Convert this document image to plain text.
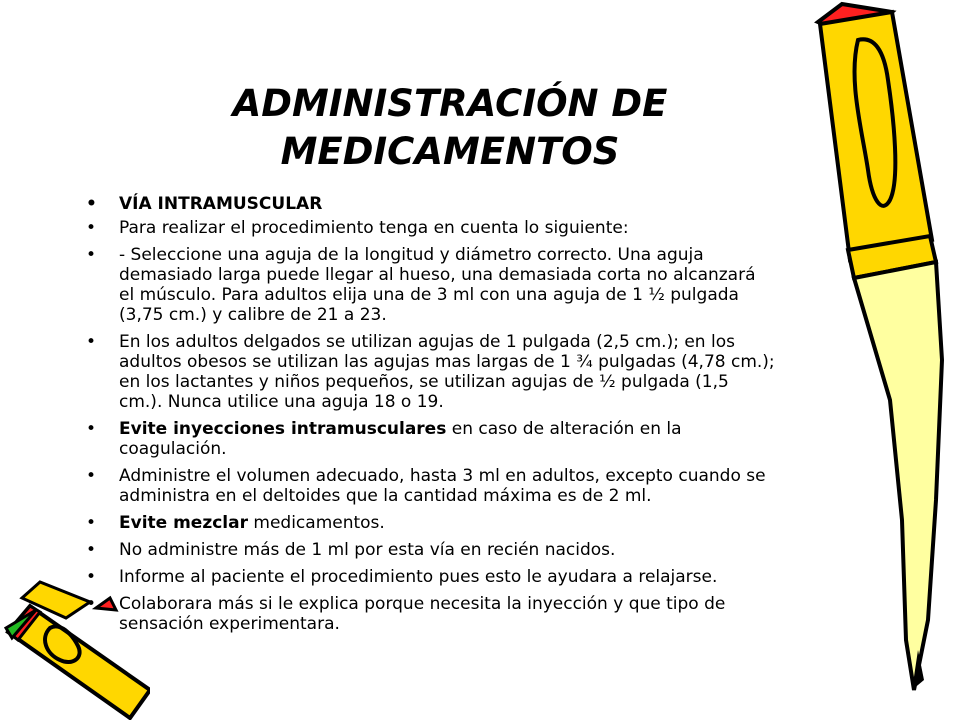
ADMINISTRACIÓN DE
MEDICAMENTOS
• VÍA INTRAMUSCULAR
• Para realizar el procedimiento tenga en cuenta lo siguiente:
• - Seleccione una aguja de la longitud y diámetro correcto. Una aguja demasiado larga puede llegar al hueso, una demasiada corta no alcanzará el músculo. Para adultos elija una de 3 ml con una aguja de 1 ½ pulgada (3,75 cm.) y calibre de 21 a 23.
• En los adultos delgados se utilizan agujas de 1 pulgada (2,5 cm.); en los adultos obesos se utilizan las agujas mas largas de 1 ¾ pulgadas (4,78 cm.); en los lactantes y niños pequeños, se utilizan agujas de ½ pulgada (1,5 cm.). Nunca utilice una aguja 18 o 19.
• Evite inyecciones intramusculares en caso de alteración en la coagulación.
• Administre el volumen adecuado, hasta 3 ml en adultos, excepto cuando se administra en el deltoides que la cantidad máxima es de 2 ml.
• Evite mezclar medicamentos.
• No administre más de 1 ml por esta vía en recién nacidos.
• Informe al paciente el procedimiento pues esto le ayudara a relajarse.
• Colaborara más si le explica porque necesita la inyección y que tipo de sensación experimentara.
